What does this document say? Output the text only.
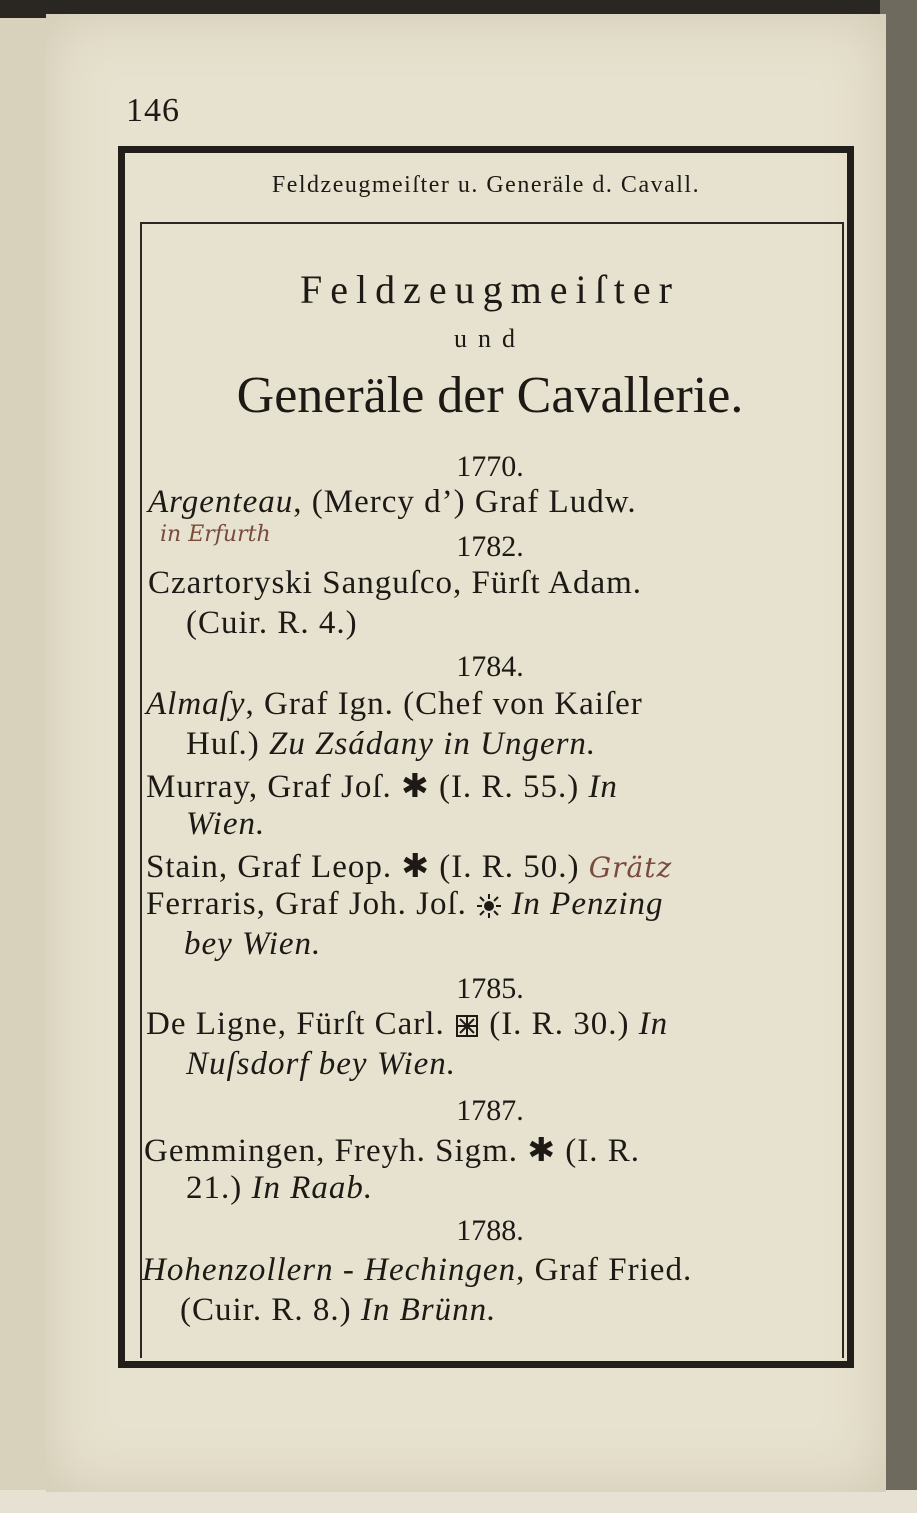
146
Feldzeugmeiſter u. Generäle d. Cavall.
Feldzeugmeiſter
und
Generäle der Cavallerie.
1770.
Argenteau, (Mercy d’) Graf Ludw.
in Erfurth	1782.
Czartoryski Sanguſco, Fürſt Adam.
(Cuir. R. 4.)
1784.
Almaſy, Graf Ign. (Chef von Kaiſer
Huſ.) Zu Zsádany in Ungern.
Murray, Graf Joſ. ✱ (I. R. 55.) In
Wien.
Stain, Graf Leop. ✱ (I. R. 50.) Grätz
Ferraris, Graf Joh. Joſ.  In Penzing
bey Wien.
1785.
De Ligne, Fürſt Carl.  (I. R. 30.) In
Nuſsdorf bey Wien.
1787.
Gemmingen, Freyh. Sigm. ✱ (I. R.
21.) In Raab.
1788.
Hohenzollern - Hechingen, Graf Fried.
(Cuir. R. 8.) In Brünn.
